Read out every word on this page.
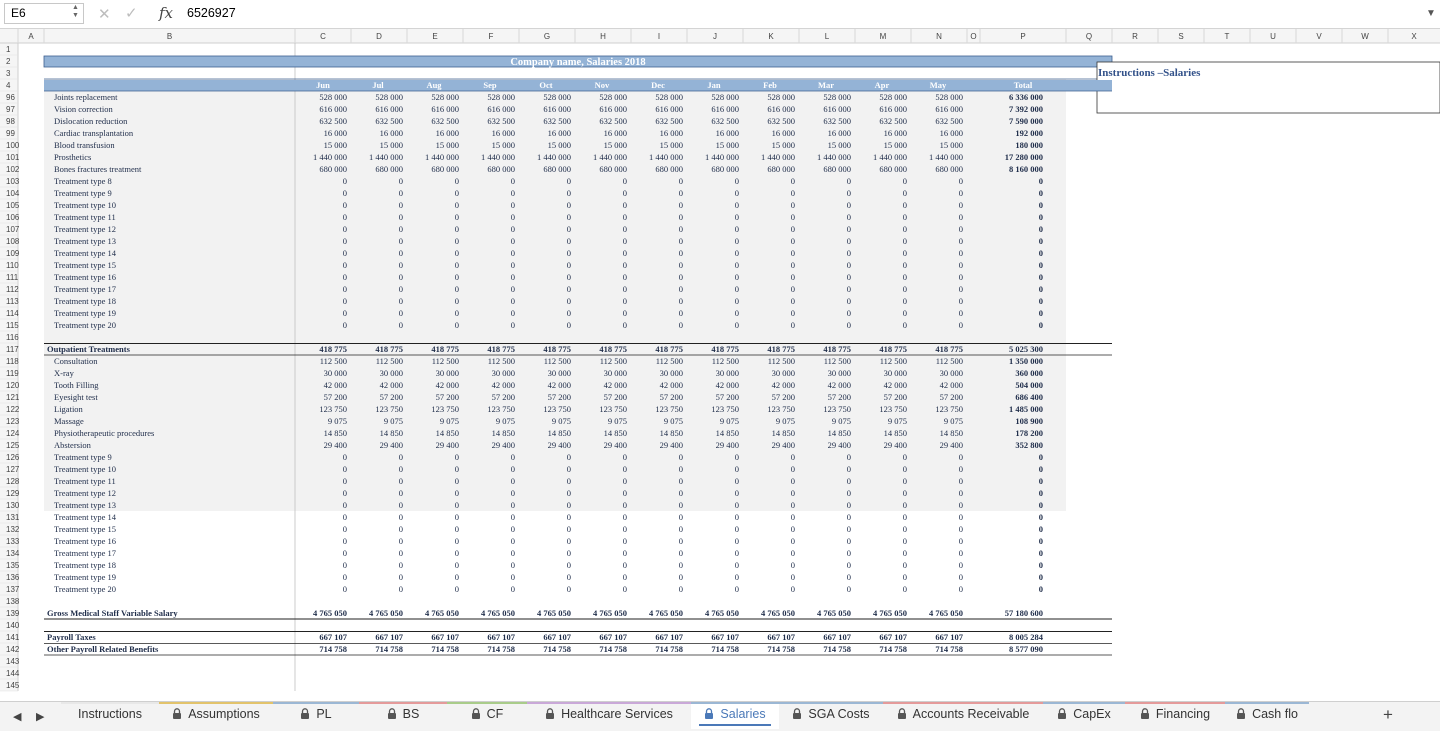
E6	▲
▼ ✕ ✓ fx 6526927	▼
A	B	C	D	E	F	G	H	I	J	K	L	M	N	O	P	Q	R	S	T	U	V	W	X
Company name, Salaries 2018
Instructions –Salaries
1
2
3
4	Jun	Jul	Aug	Sep	Oct	Nov	Dec	Jan	Feb	Mar	Apr	May	Total
96	Joints replacement	528 000	528 000	528 000	528 000	528 000	528 000	528 000	528 000	528 000	528 000	528 000	528 000	6 336 000
97	Vision correction	616 000	616 000	616 000	616 000	616 000	616 000	616 000	616 000	616 000	616 000	616 000	616 000	7 392 000
98	Dislocation reduction	632 500	632 500	632 500	632 500	632 500	632 500	632 500	632 500	632 500	632 500	632 500	632 500	7 590 000
99	Cardiac transplantation	16 000	16 000	16 000	16 000	16 000	16 000	16 000	16 000	16 000	16 000	16 000	16 000	192 000
100	Blood transfusion	15 000	15 000	15 000	15 000	15 000	15 000	15 000	15 000	15 000	15 000	15 000	15 000	180 000
101	Prosthetics	1 440 000	1 440 000	1 440 000	1 440 000	1 440 000	1 440 000	1 440 000	1 440 000	1 440 000	1 440 000	1 440 000	1 440 000	17 280 000
102	Bones fractures treatment	680 000	680 000	680 000	680 000	680 000	680 000	680 000	680 000	680 000	680 000	680 000	680 000	8 160 000
103	Treatment type 8	0	0	0	0	0	0	0	0	0	0	0	0	0
104	Treatment type 9	0	0	0	0	0	0	0	0	0	0	0	0	0
105	Treatment type 10	0	0	0	0	0	0	0	0	0	0	0	0	0
106	Treatment type 11	0	0	0	0	0	0	0	0	0	0	0	0	0
107	Treatment type 12	0	0	0	0	0	0	0	0	0	0	0	0	0
108	Treatment type 13	0	0	0	0	0	0	0	0	0	0	0	0	0
109	Treatment type 14	0	0	0	0	0	0	0	0	0	0	0	0	0
110	Treatment type 15	0	0	0	0	0	0	0	0	0	0	0	0	0
111	Treatment type 16	0	0	0	0	0	0	0	0	0	0	0	0	0
112	Treatment type 17	0	0	0	0	0	0	0	0	0	0	0	0	0
113	Treatment type 18	0	0	0	0	0	0	0	0	0	0	0	0	0
114	Treatment type 19	0	0	0	0	0	0	0	0	0	0	0	0	0
115	Treatment type 20	0	0	0	0	0	0	0	0	0	0	0	0	0
116
117	Outpatient Treatments	418 775	418 775	418 775	418 775	418 775	418 775	418 775	418 775	418 775	418 775	418 775	418 775	5 025 300
118	Consultation	112 500	112 500	112 500	112 500	112 500	112 500	112 500	112 500	112 500	112 500	112 500	112 500	1 350 000
119	X-ray	30 000	30 000	30 000	30 000	30 000	30 000	30 000	30 000	30 000	30 000	30 000	30 000	360 000
120	Tooth Filling	42 000	42 000	42 000	42 000	42 000	42 000	42 000	42 000	42 000	42 000	42 000	42 000	504 000
121	Eyesight test	57 200	57 200	57 200	57 200	57 200	57 200	57 200	57 200	57 200	57 200	57 200	57 200	686 400
122	Ligation	123 750	123 750	123 750	123 750	123 750	123 750	123 750	123 750	123 750	123 750	123 750	123 750	1 485 000
123	Massage	9 075	9 075	9 075	9 075	9 075	9 075	9 075	9 075	9 075	9 075	9 075	9 075	108 900
124	Physiotherapeutic procedures	14 850	14 850	14 850	14 850	14 850	14 850	14 850	14 850	14 850	14 850	14 850	14 850	178 200
125	Abstersion	29 400	29 400	29 400	29 400	29 400	29 400	29 400	29 400	29 400	29 400	29 400	29 400	352 800
126	Treatment type 9	0	0	0	0	0	0	0	0	0	0	0	0	0
127	Treatment type 10	0	0	0	0	0	0	0	0	0	0	0	0	0
128	Treatment type 11	0	0	0	0	0	0	0	0	0	0	0	0	0
129	Treatment type 12	0	0	0	0	0	0	0	0	0	0	0	0	0
130	Treatment type 13	0	0	0	0	0	0	0	0	0	0	0	0	0
131	Treatment type 14	0	0	0	0	0	0	0	0	0	0	0	0	0
132	Treatment type 15	0	0	0	0	0	0	0	0	0	0	0	0	0
133	Treatment type 16	0	0	0	0	0	0	0	0	0	0	0	0	0
134	Treatment type 17	0	0	0	0	0	0	0	0	0	0	0	0	0
135	Treatment type 18	0	0	0	0	0	0	0	0	0	0	0	0	0
136	Treatment type 19	0	0	0	0	0	0	0	0	0	0	0	0	0
137	Treatment type 20	0	0	0	0	0	0	0	0	0	0	0	0	0
138
139	Gross Medical Staff Variable Salary	4 765 050	4 765 050	4 765 050	4 765 050	4 765 050	4 765 050	4 765 050	4 765 050	4 765 050	4 765 050	4 765 050	4 765 050	57 180 600
140
141	Payroll Taxes	667 107	667 107	667 107	667 107	667 107	667 107	667 107	667 107	667 107	667 107	667 107	667 107	8 005 284
142	Other Payroll Related Benefits	714 758	714 758	714 758	714 758	714 758	714 758	714 758	714 758	714 758	714 758	714 758	714 758	8 577 090
143
144
145
◀ ▶	Instructions	Assumptions	PL	BS	CF	Healthcare Services	Salaries	SGA Costs	Accounts Receivable	CapEx	Financing	Cash flo	+
